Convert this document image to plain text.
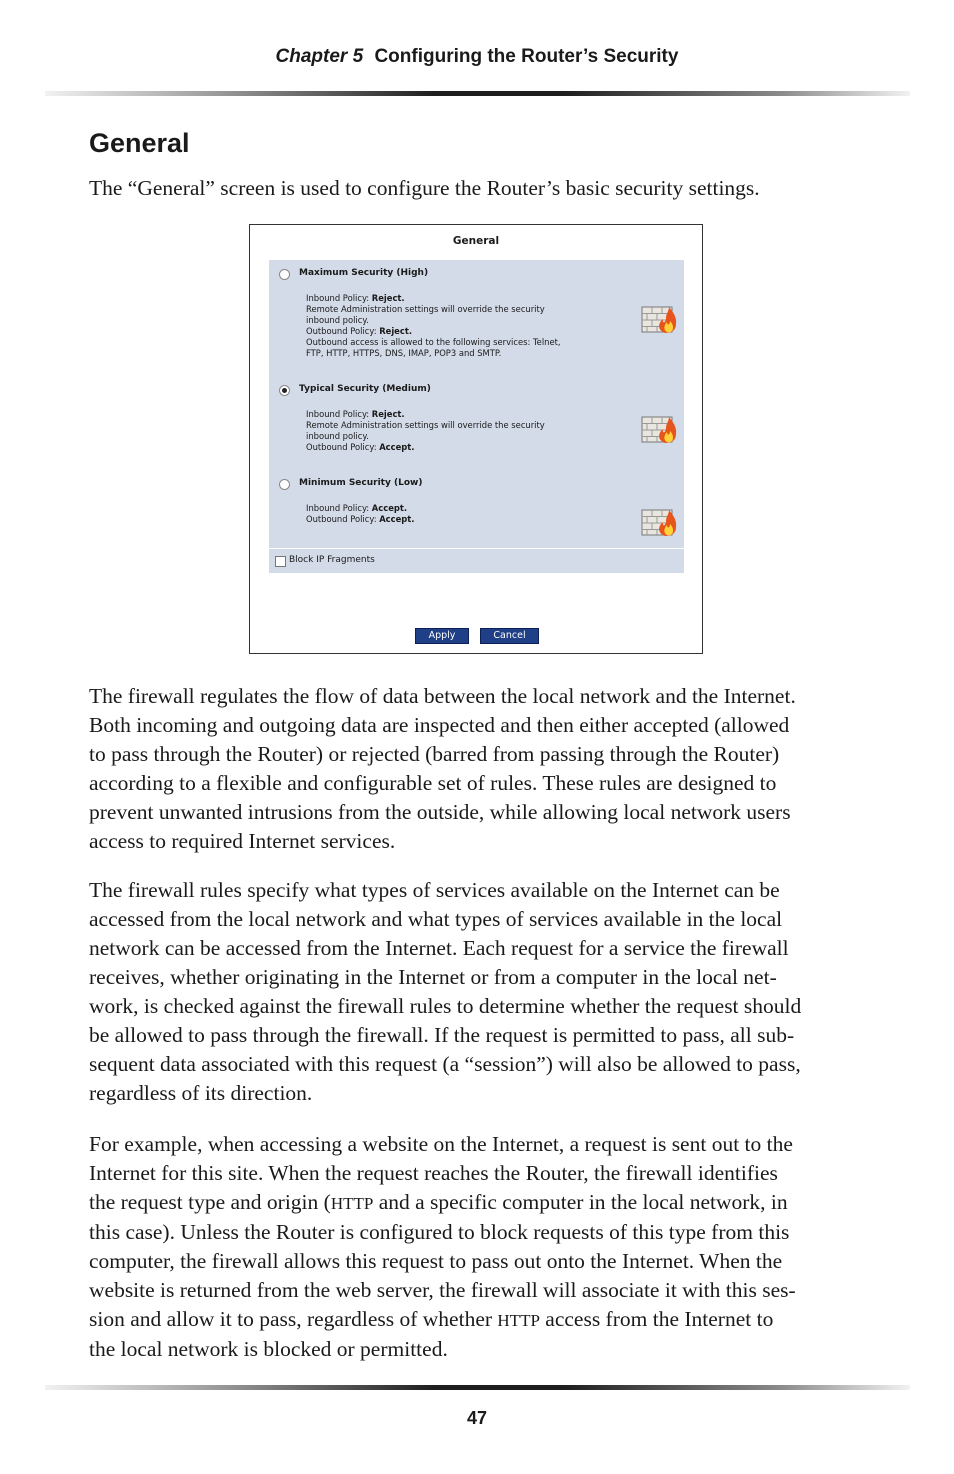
Chapter 5 Configuring the Router’s Security
General
The “General” screen is used to configure the Router’s basic security settings.
General
Maximum Security (High)
Inbound Policy: Reject.
Remote Administration settings will override the security
inbound policy.
Outbound Policy: Reject.
Outbound access is allowed to the following services: Telnet,
FTP, HTTP, HTTPS, DNS, IMAP, POP3 and SMTP.
Typical Security (Medium)
Inbound Policy: Reject.
Remote Administration settings will override the security
inbound policy.
Outbound Policy: Accept.
Minimum Security (Low)
Inbound Policy: Accept.
Outbound Policy: Accept.
Block IP Fragments
Apply	Cancel
The firewall regulates the flow of data between the local network and the Internet.
Both incoming and outgoing data are inspected and then either accepted (allowed
to pass through the Router) or rejected (barred from passing through the Router)
according to a flexible and configurable set of rules. These rules are designed to
prevent unwanted intrusions from the outside, while allowing local network users
access to required Internet services.
The firewall rules specify what types of services available on the Internet can be
accessed from the local network and what types of services available in the local
network can be accessed from the Internet. Each request for a service the firewall
receives, whether originating in the Internet or from a computer in the local net-
work, is checked against the firewall rules to determine whether the request should
be allowed to pass through the firewall. If the request is permitted to pass, all sub-
sequent data associated with this request (a “session”) will also be allowed to pass,
regardless of its direction.
For example, when accessing a website on the Internet, a request is sent out to the
Internet for this site. When the request reaches the Router, the firewall identifies
the request type and origin (HTTP and a specific computer in the local network, in
this case). Unless the Router is configured to block requests of this type from this
computer, the firewall allows this request to pass out onto the Internet. When the
website is returned from the web server, the firewall will associate it with this ses-
sion and allow it to pass, regardless of whether HTTP access from the Internet to
the local network is blocked or permitted.
47
